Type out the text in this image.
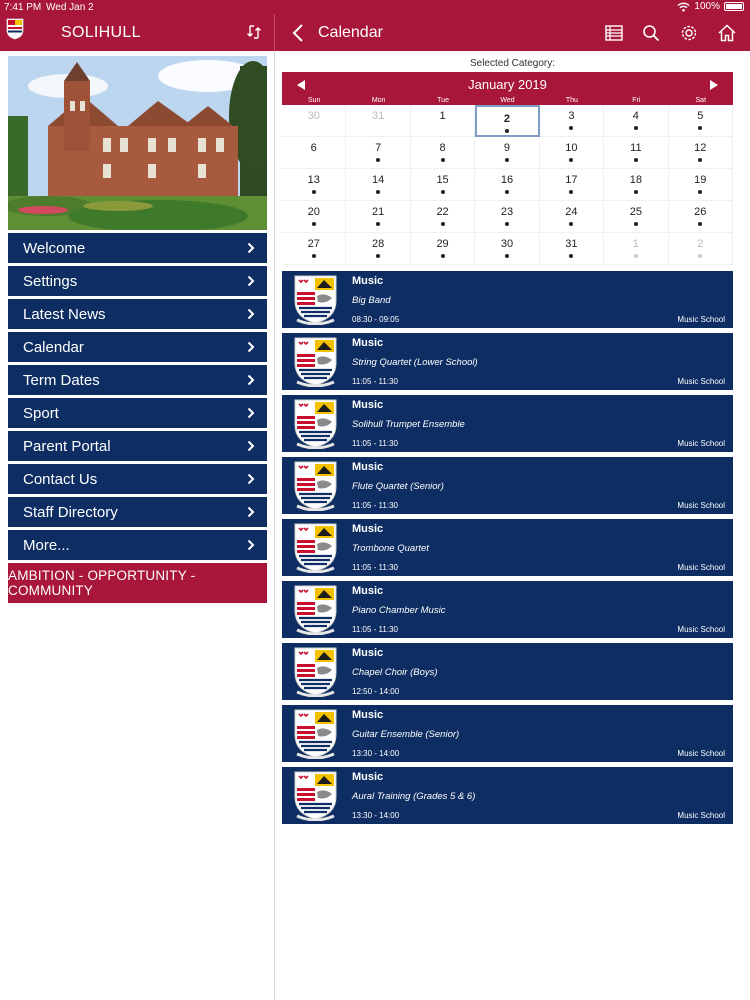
7:41 PM Wed Jan 2	100%
SOLIHULL	Calendar
Welcome
Settings
Latest News
Calendar
Term Dates
Sport
Parent Portal
Contact Us
Staff Directory
More...
AMBITION - OPPORTUNITY - COMMUNITY
Selected Category:
January 2019
Sun	Mon	Tue	Wed	Thu	Fri	Sat
30	31	1	2	3	4	5
6	7	8	9	10	11	12
13	14	15	16	17	18	19
20	21	22	23	24	25	26
27	28	29	30	31	1	2
Music
Big Band
08:30 - 09:05	Music School
Music
String Quartet (Lower School)
11:05 - 11:30	Music School
Music
Solihull Trumpet Ensemble
11:05 - 11:30	Music School
Music
Flute Quartet (Senior)
11:05 - 11:30	Music School
Music
Trombone Quartet
11:05 - 11:30	Music School
Music
Piano Chamber Music
11:05 - 11:30	Music School
Music
Chapel Choir (Boys)
12:50 - 14:00
Music
Guitar Ensemble (Senior)
13:30 - 14:00	Music School
Music
Aural Training (Grades 5 & 6)
13:30 - 14:00	Music School
